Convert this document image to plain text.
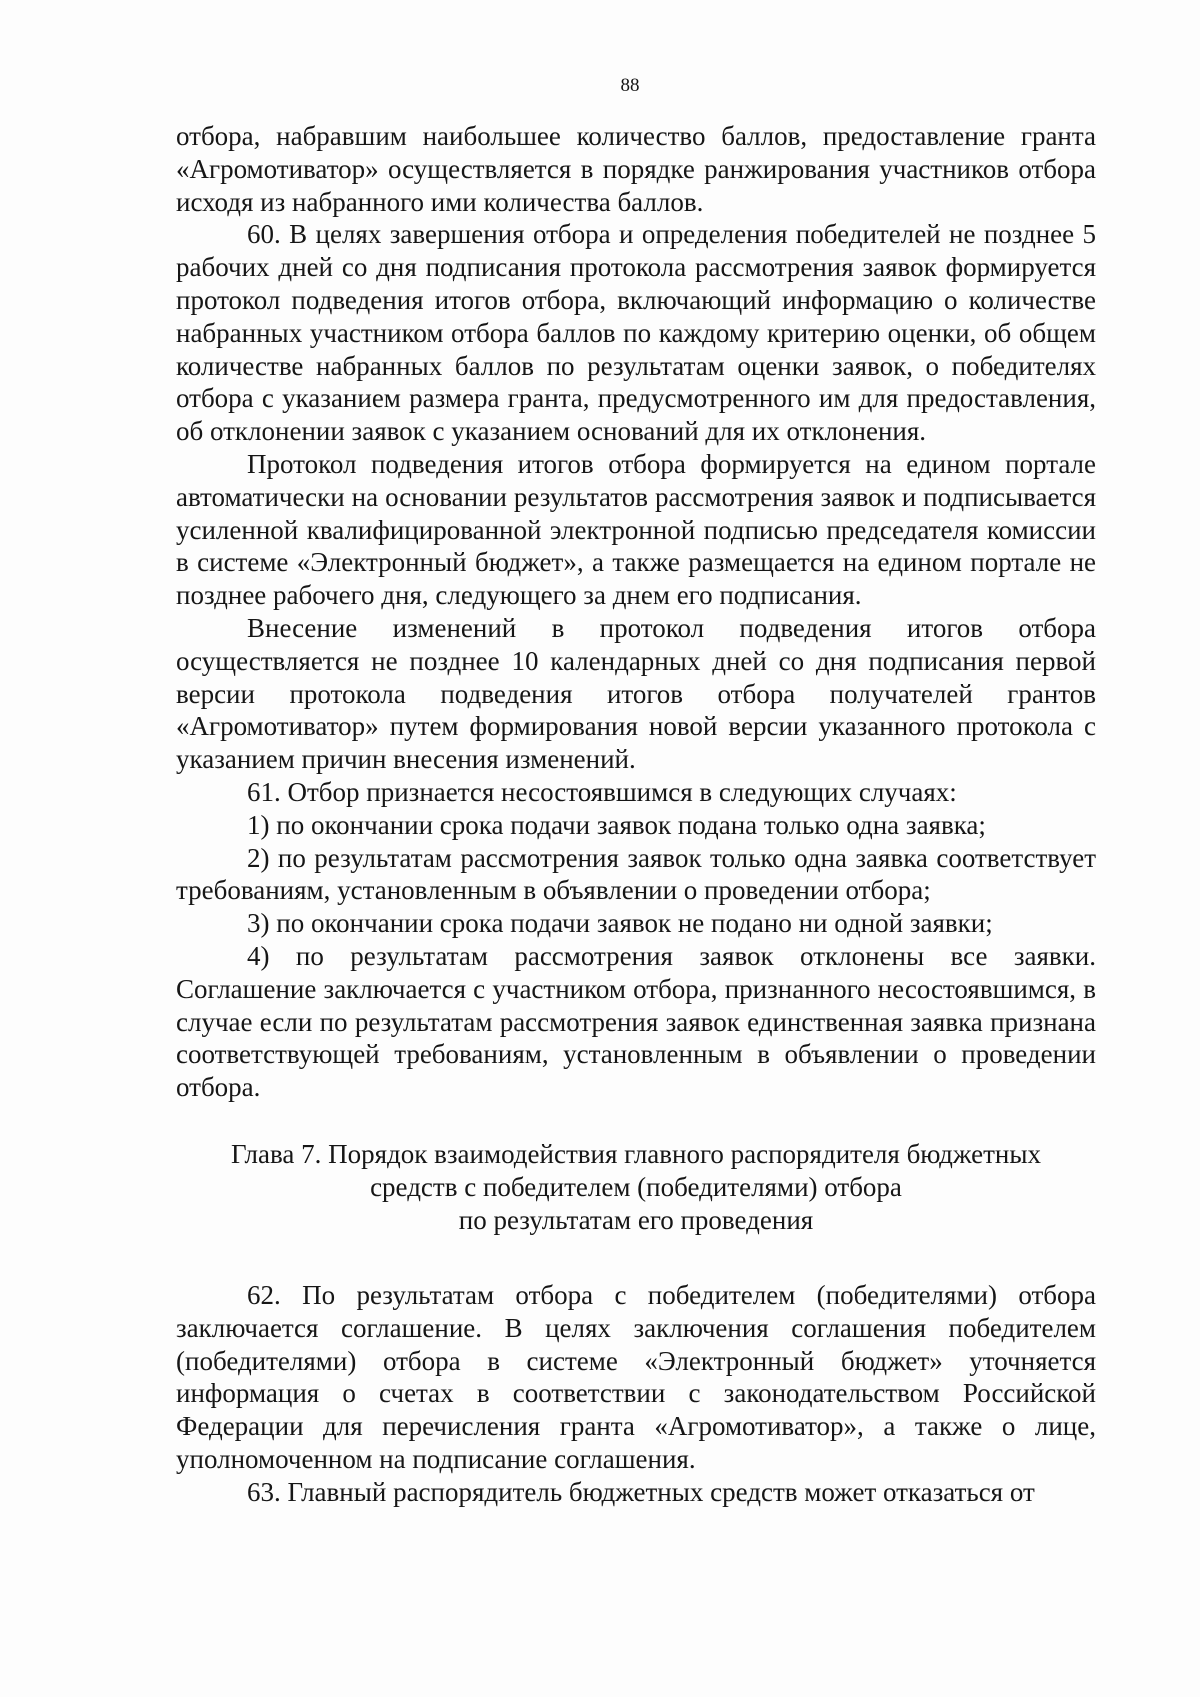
88

отбора, набравшим наибольшее количество баллов, предоставление гранта «Агромотиватор» осуществляется в порядке ранжирования участников отбора исходя из набранного ими количества баллов.

60. В целях завершения отбора и определения победителей не позднее 5 рабочих дней со дня подписания протокола рассмотрения заявок формируется протокол подведения итогов отбора, включающий информацию о количестве набранных участником отбора баллов по каждому критерию оценки, об общем количестве набранных баллов по результатам оценки заявок, о победителях отбора с указанием размера гранта, предусмотренного им для предоставления, об отклонении заявок с указанием оснований для их отклонения.

Протокол подведения итогов отбора формируется на едином портале автоматически на основании результатов рассмотрения заявок и подписывается усиленной квалифицированной электронной подписью председателя комиссии в системе «Электронный бюджет», а также размещается на едином портале не позднее рабочего дня, следующего за днем его подписания.

Внесение изменений в протокол подведения итогов отбора осуществляется не позднее 10 календарных дней со дня подписания первой версии протокола подведения итогов отбора получателей грантов «Агромотиватор» путем формирования новой версии указанного протокола с указанием причин внесения изменений.

61. Отбор признается несостоявшимся в следующих случаях:

1) по окончании срока подачи заявок подана только одна заявка;

2) по результатам рассмотрения заявок только одна заявка соответствует требованиям, установленным в объявлении о проведении отбора;

3) по окончании срока подачи заявок не подано ни одной заявки;

4) по результатам рассмотрения заявок отклонены все заявки. Соглашение заключается с участником отбора, признанного несостоявшимся, в случае если по результатам рассмотрения заявок единственная заявка признана соответствующей требованиям, установленным в объявлении о проведении отбора.

Глава 7. Порядок взаимодействия главного распорядителя бюджетных
средств с победителем (победителями) отбора
по результатам его проведения

62. По результатам отбора с победителем (победителями) отбора заключается соглашение. В целях заключения соглашения победителем (победителями) отбора в системе «Электронный бюджет» уточняется информация о счетах в соответствии с законодательством Российской Федерации для перечисления гранта «Агромотиватор», а также о лице, уполномоченном на подписание соглашения.

63. Главный распорядитель бюджетных средств может отказаться от
